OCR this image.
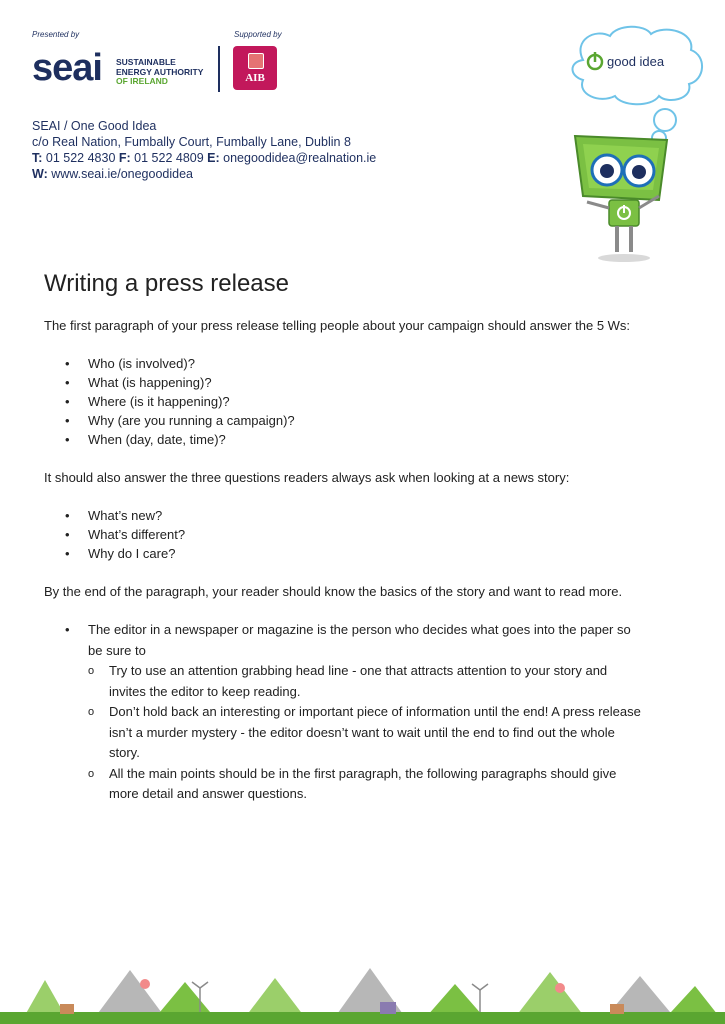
Presented by	Supported by
seai SUSTAINABLE
ENERGY AUTHORITY
OF IRELAND	AIB
SEAI / One Good Idea
c/o Real Nation, Fumbally Court, Fumbally Lane, Dublin 8
T: 01 522 4830 F: 01 522 4809 E: onegoodidea@realnation.ie
W: www.seai.ie/onegoodidea
good idea
Writing a press release

The first paragraph of your press release telling people about your campaign should answer the 5 Ws:

• Who (is involved)?
• What (is happening)?
• Where (is it happening)?
• Why (are you running a campaign)?
• When (day, date, time)?

It should also answer the three questions readers always ask when looking at a news story:

• What’s new?
• What’s different?
• Why do I care?

By the end of the paragraph, your reader should know the basics of the story and want to read more.

• The editor in a newspaper or magazine is the person who decides what goes into the paper so be sure to
o Try to use an attention grabbing head line - one that attracts attention to your story and invites the editor to keep reading.
o Don’t hold back an interesting or important piece of information until the end! A press release isn’t a murder mystery - the editor doesn’t want to wait until the end to find out the whole story.
o All the main points should be in the first paragraph, the following paragraphs should give more detail and answer questions.
